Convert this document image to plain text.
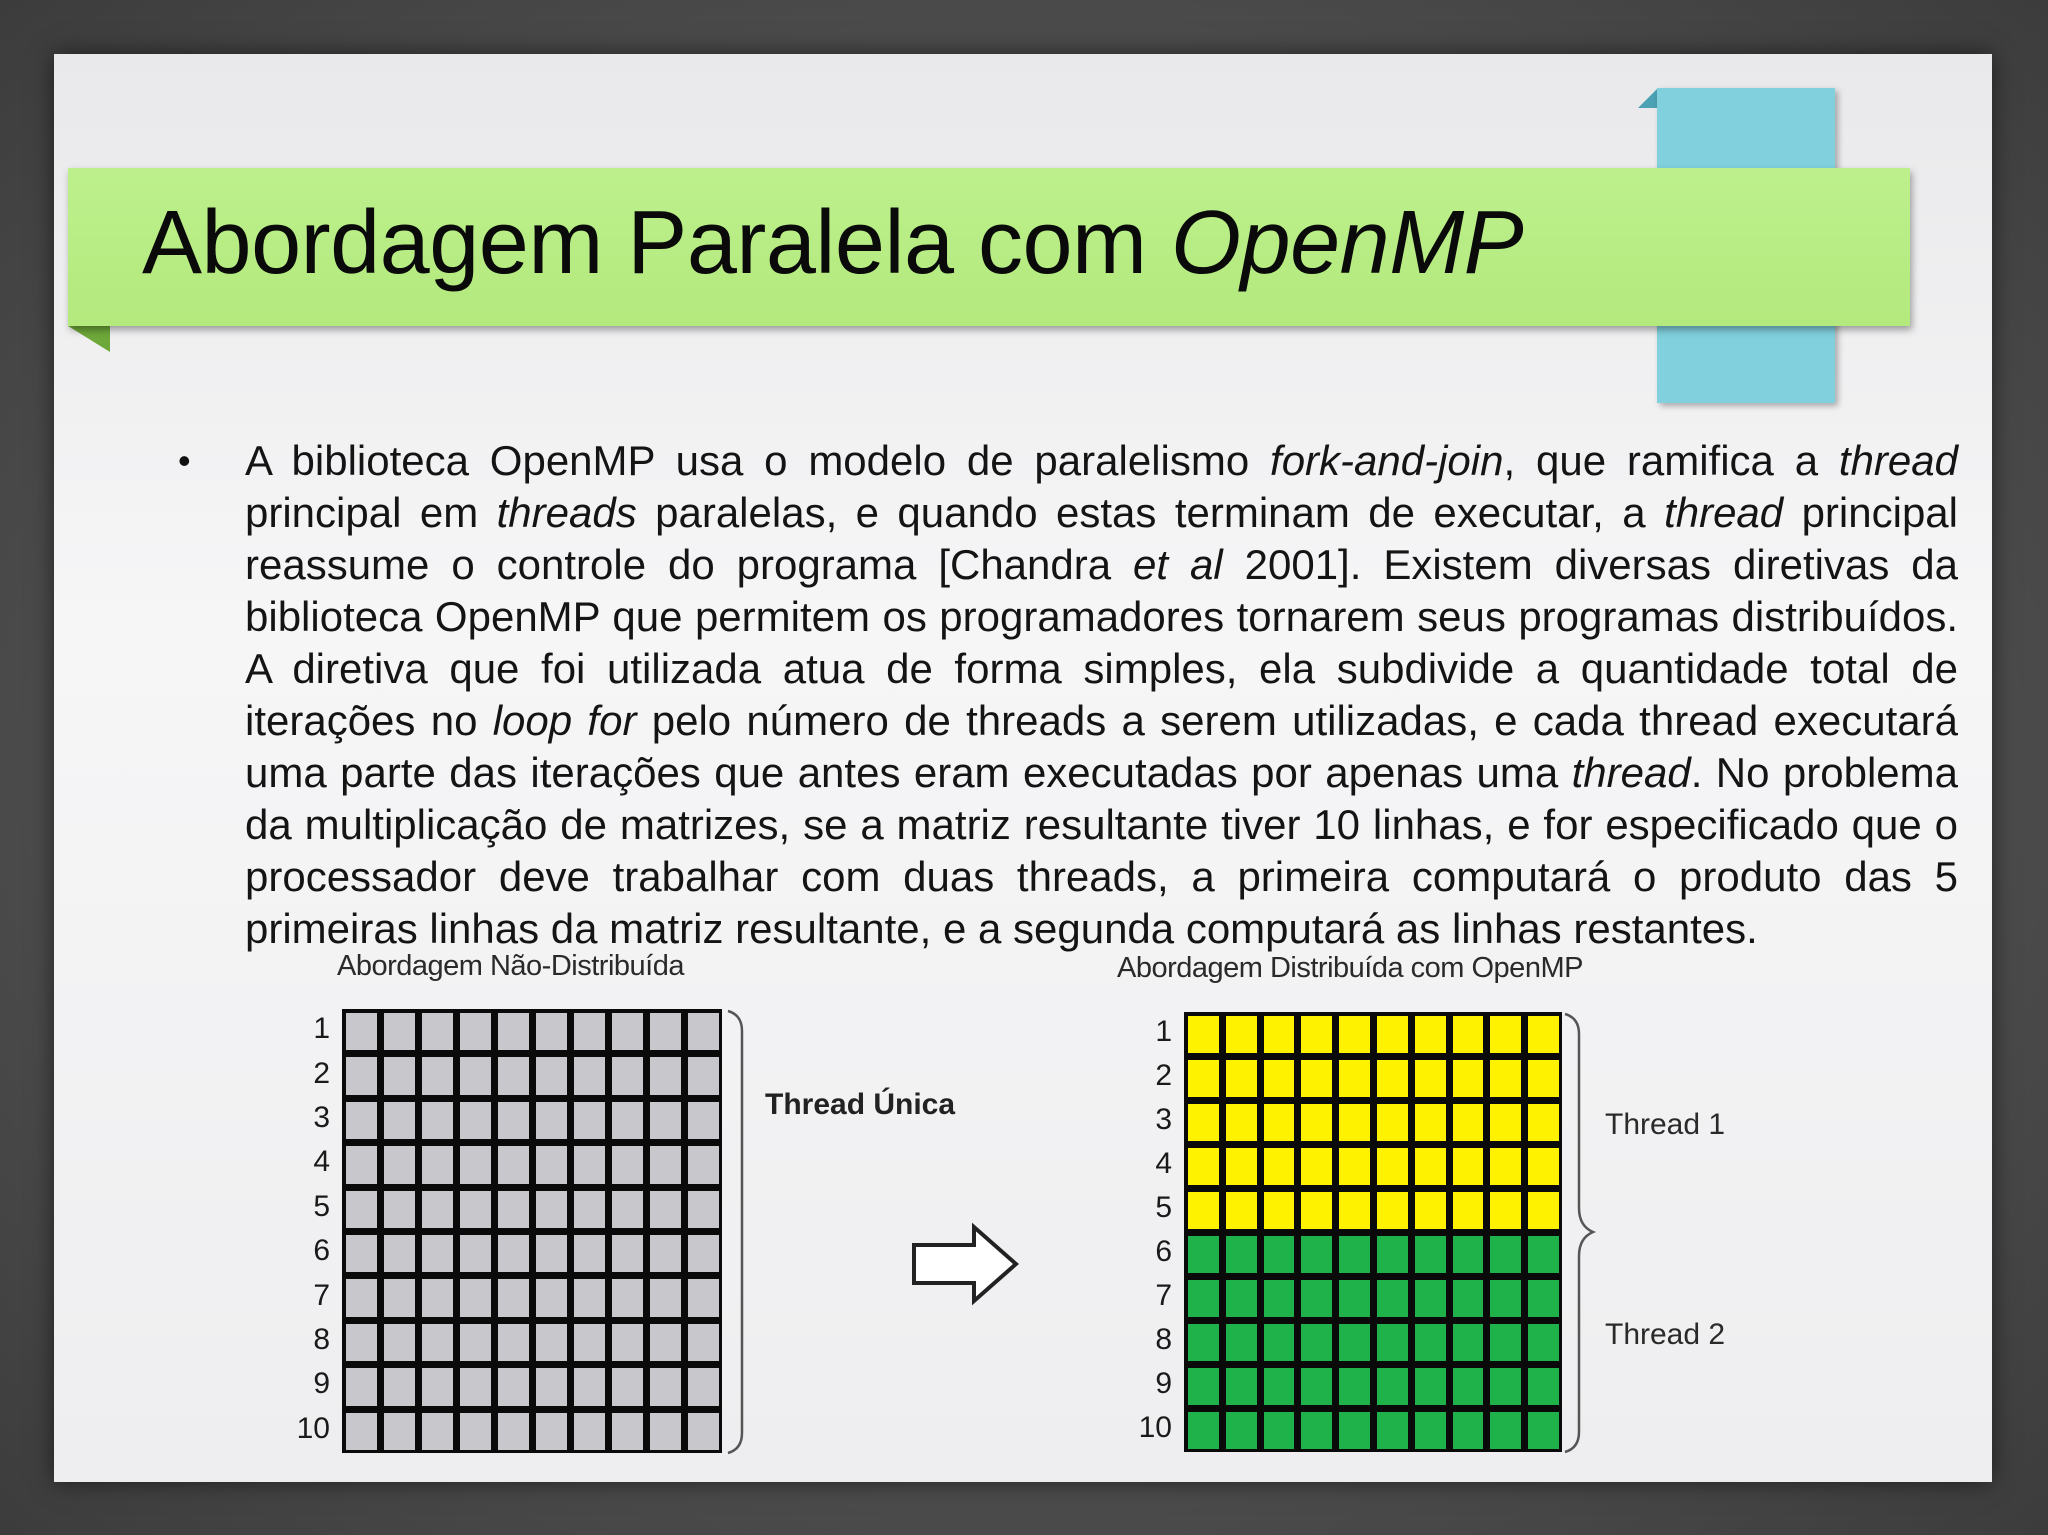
Abordagem Paralela com OpenMP
• A biblioteca OpenMP usa o modelo de paralelismo fork-and-join, que ramifica a thread principal em threads paralelas, e quando estas terminam de executar, a thread principal reassume o controle do programa [Chandra et al 2001]. Existem diversas diretivas da biblioteca OpenMP que permitem os programadores tornarem seus programas distribuídos. A diretiva que foi utilizada atua de forma simples, ela subdivide a quantidade total de iterações no loop for pelo número de threads a serem utilizadas, e cada thread executará uma parte das iterações que antes eram executadas por apenas uma thread. No problema da multiplicação de matrizes, se a matriz resultante tiver 10 linhas, e for especificado que o processador deve trabalhar com duas threads, a primeira computará o produto das 5 primeiras linhas da matriz resultante, e a segunda computará as linhas restantes.

Abordagem Não-Distribuída
1
2
3
4
5
6
7
8
9
10
Thread Única
Abordagem Distribuída com OpenMP
1
2
3
4
5
6
7
8
9
10
Thread 1
Thread 2
